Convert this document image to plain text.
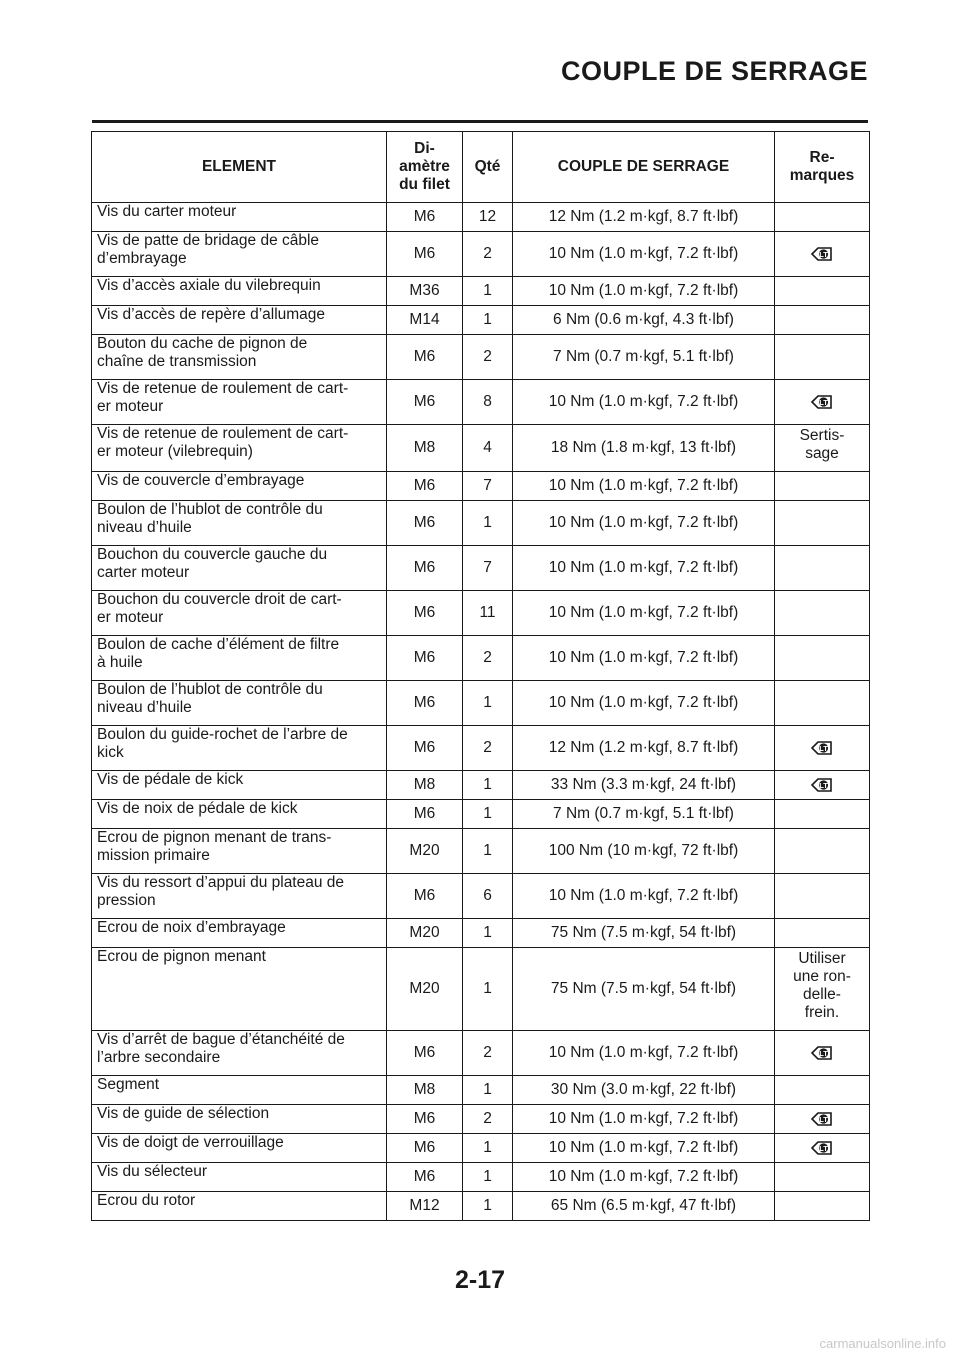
COUPLE DE SERRAGE
ELEMENT	Di-
amètre
du filet	Qté	COUPLE DE SERRAGE	Re-
marques
Vis du carter moteur	M6	12	12 Nm (1.2 m·kgf, 8.7 ft·lbf)	
Vis de patte de bridage de câble
d’embrayage	M6	2	10 Nm (1.0 m·kgf, 7.2 ft·lbf)	LT

Vis d’accès axiale du vilebrequin	M36	1	10 Nm (1.0 m·kgf, 7.2 ft·lbf)	
Vis d’accès de repère d’allumage	M14	1	6 Nm (0.6 m·kgf, 4.3 ft·lbf)	
Bouton du cache de pignon de
chaîne de transmission	M6	2	7 Nm (0.7 m·kgf, 5.1 ft·lbf)	
Vis de retenue de roulement de cart-
er moteur	M6	8	10 Nm (1.0 m·kgf, 7.2 ft·lbf)	LT

Vis de retenue de roulement de cart-
er moteur (vilebrequin)	M8	4	18 Nm (1.8 m·kgf, 13 ft·lbf)	Sertis-
sage
Vis de couvercle d’embrayage	M6	7	10 Nm (1.0 m·kgf, 7.2 ft·lbf)	
Boulon de l’hublot de contrôle du
niveau d’huile	M6	1	10 Nm (1.0 m·kgf, 7.2 ft·lbf)	
Bouchon du couvercle gauche du
carter moteur	M6	7	10 Nm (1.0 m·kgf, 7.2 ft·lbf)	
Bouchon du couvercle droit de cart-
er moteur	M6	11	10 Nm (1.0 m·kgf, 7.2 ft·lbf)	
Boulon de cache d’élément de filtre
à huile	M6	2	10 Nm (1.0 m·kgf, 7.2 ft·lbf)	
Boulon de l’hublot de contrôle du
niveau d’huile	M6	1	10 Nm (1.0 m·kgf, 7.2 ft·lbf)	
Boulon du guide-rochet de l’arbre de
kick	M6	2	12 Nm (1.2 m·kgf, 8.7 ft·lbf)	LT

Vis de pédale de kick	M8	1	33 Nm (3.3 m·kgf, 24 ft·lbf)	LT

Vis de noix de pédale de kick	M6	1	7 Nm (0.7 m·kgf, 5.1 ft·lbf)	
Ecrou de pignon menant de trans-
mission primaire	M20	1	100 Nm (10 m·kgf, 72 ft·lbf)	
Vis du ressort d’appui du plateau de
pression	M6	6	10 Nm (1.0 m·kgf, 7.2 ft·lbf)	
Ecrou de noix d’embrayage	M20	1	75 Nm (7.5 m·kgf, 54 ft·lbf)	
Ecrou de pignon menant	M20	1	75 Nm (7.5 m·kgf, 54 ft·lbf)	Utiliser
une ron-
delle-
frein.
Vis d’arrêt de bague d’étanchéité de
l’arbre secondaire	M6	2	10 Nm (1.0 m·kgf, 7.2 ft·lbf)	LT

Segment	M8	1	30 Nm (3.0 m·kgf, 22 ft·lbf)	
Vis de guide de sélection	M6	2	10 Nm (1.0 m·kgf, 7.2 ft·lbf)	LT

Vis de doigt de verrouillage	M6	1	10 Nm (1.0 m·kgf, 7.2 ft·lbf)	LT

Vis du sélecteur	M6	1	10 Nm (1.0 m·kgf, 7.2 ft·lbf)	
Ecrou du rotor	M12	1	65 Nm (6.5 m·kgf, 47 ft·lbf)	
2-17
carmanualsonline.info
